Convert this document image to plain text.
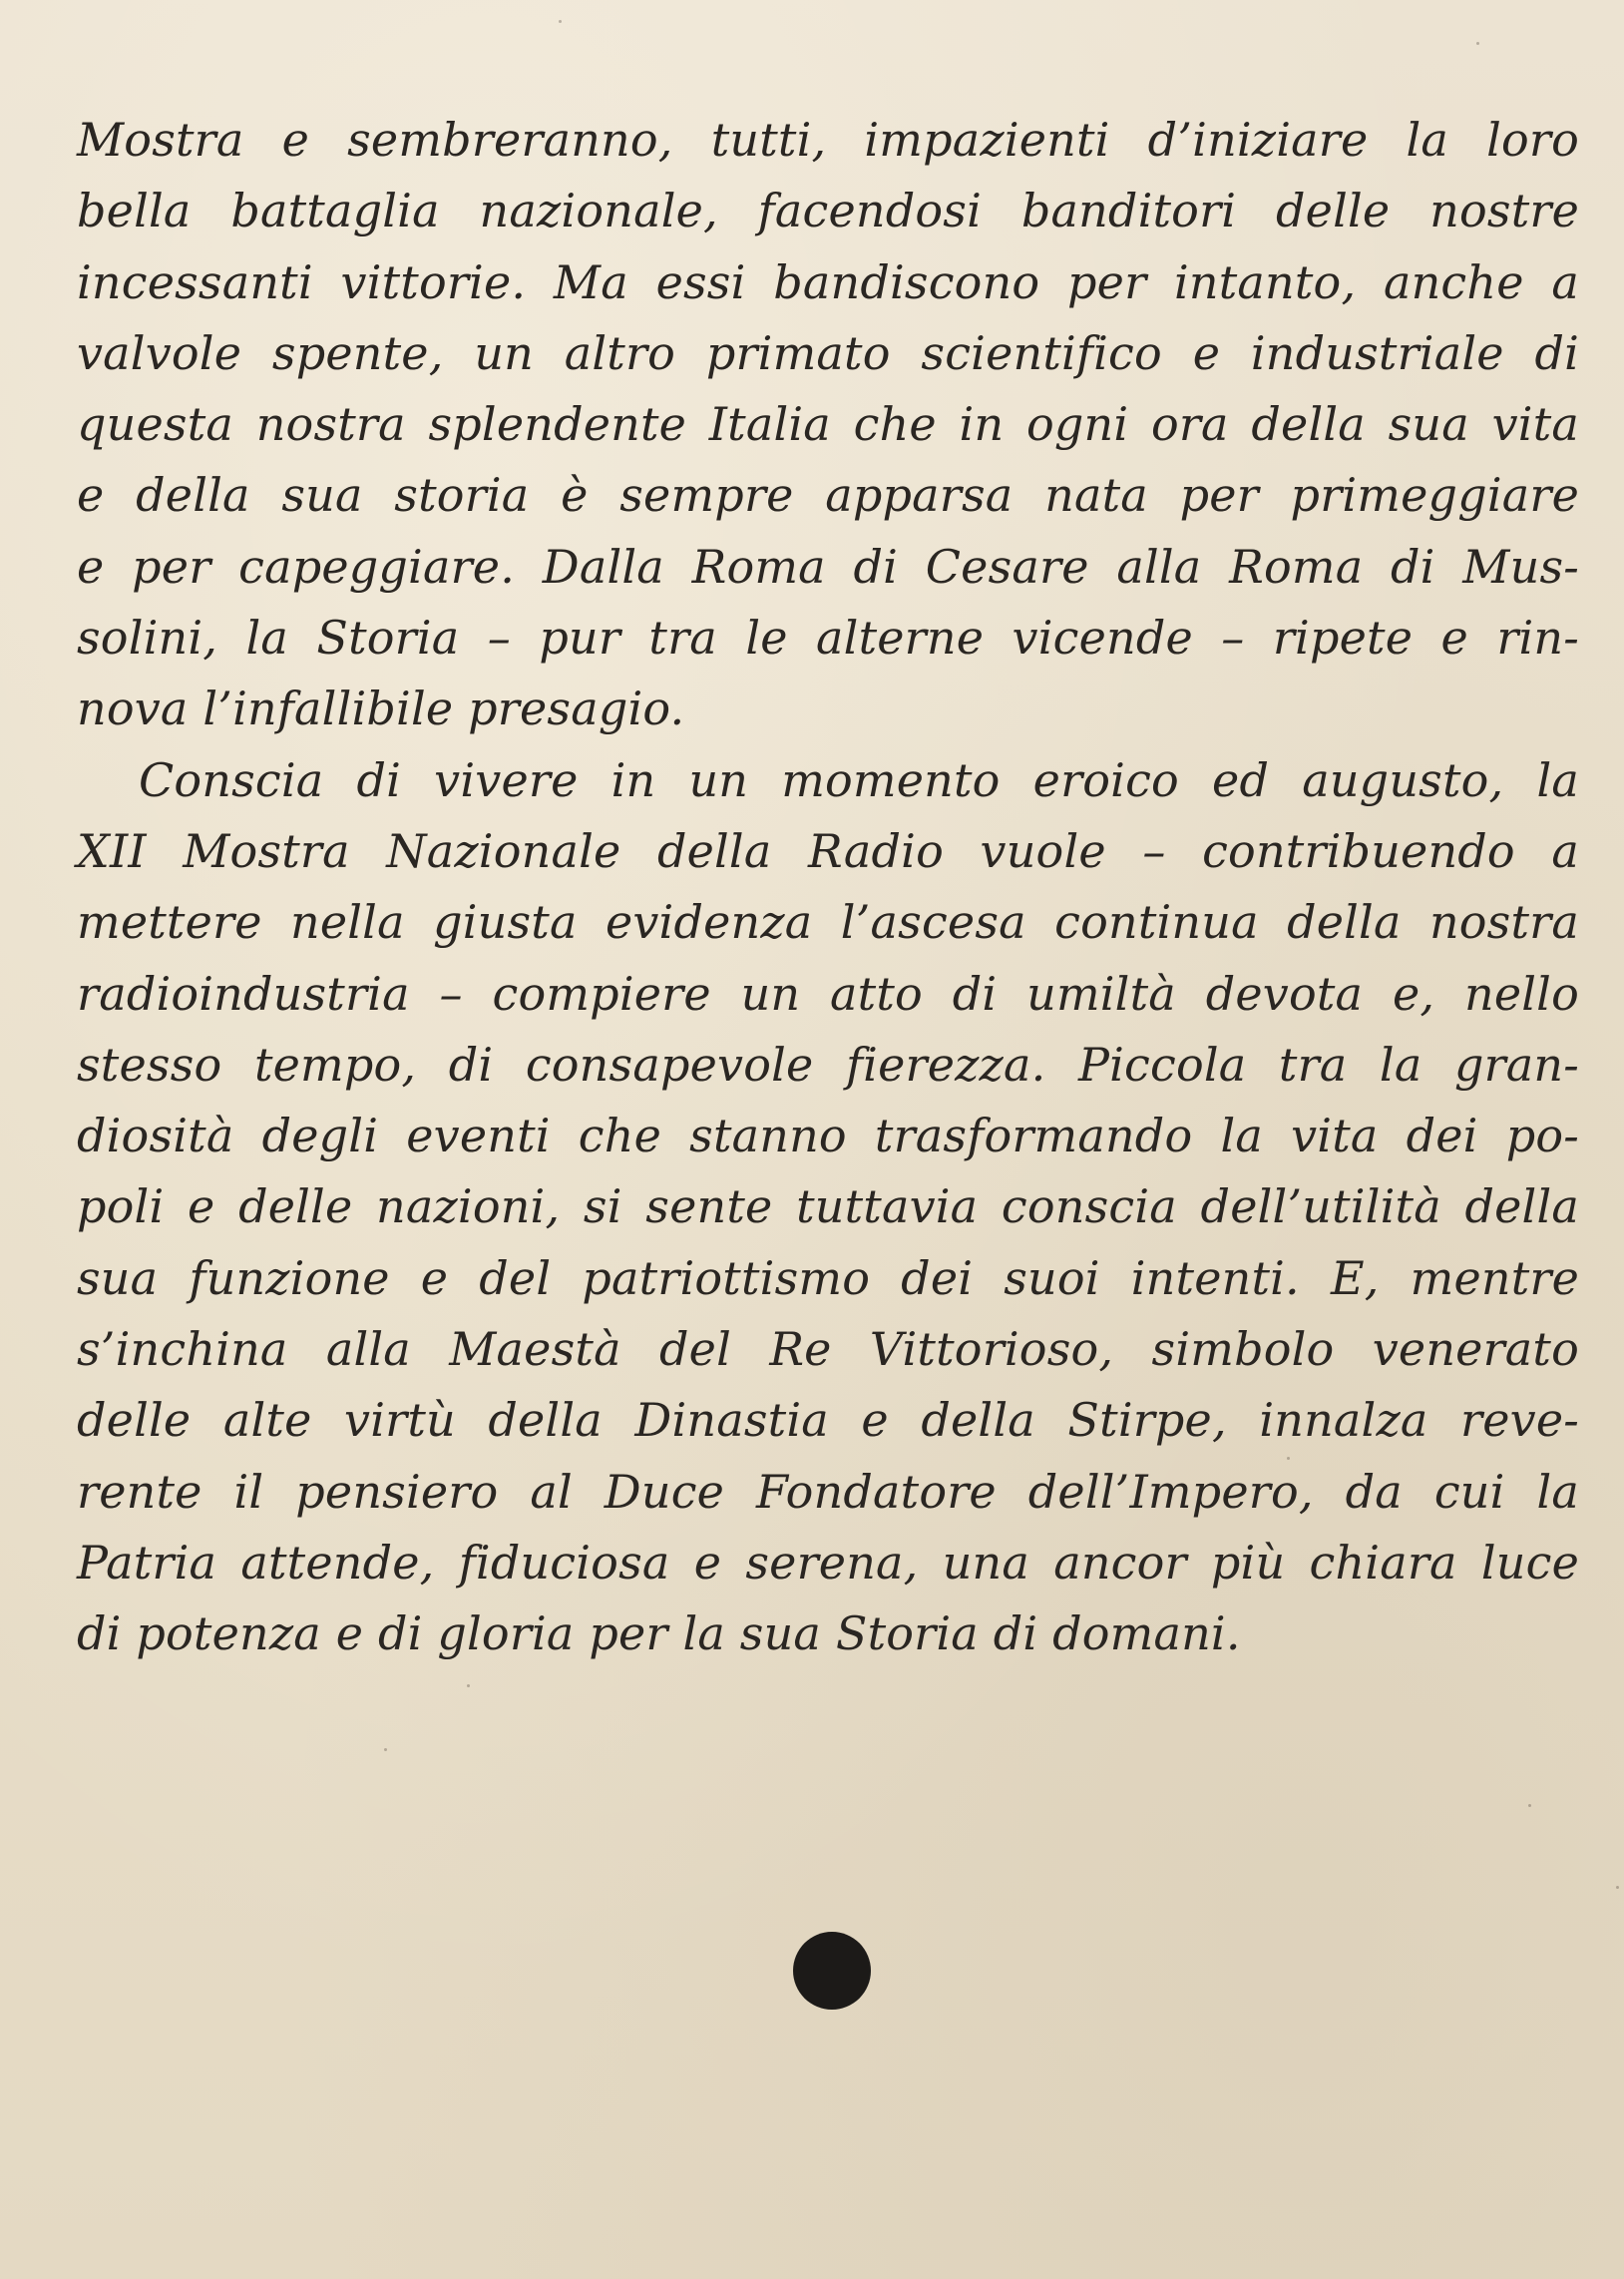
Mostra e sembreranno, tutti, impazienti d’iniziare la loro
bella battaglia nazionale, facendosi banditori delle nostre
incessanti vittorie. Ma essi bandiscono per intanto, anche a
valvole spente, un altro primato scientifico e industriale di
questa nostra splendente Italia che in ogni ora della sua vita
e della sua storia è sempre apparsa nata per primeggiare
e per capeggiare. Dalla Roma di Cesare alla Roma di Mus-
solini, la Storia – pur tra le alterne vicende – ripete e rin-
nova l’infallibile presagio.
Conscia di vivere in un momento eroico ed augusto, la
XII Mostra Nazionale della Radio vuole – contribuendo a
mettere nella giusta evidenza l’ascesa continua della nostra
radioindustria – compiere un atto di umiltà devota e, nello
stesso tempo, di consapevole fierezza. Piccola tra la gran-
diosità degli eventi che stanno trasformando la vita dei po-
poli e delle nazioni, si sente tuttavia conscia dell’utilità della
sua funzione e del patriottismo dei suoi intenti. E, mentre
s’inchina alla Maestà del Re Vittorioso, simbolo venerato
delle alte virtù della Dinastia e della Stirpe, innalza reve-
rente il pensiero al Duce Fondatore dell’Impero, da cui la
Patria attende, fiduciosa e serena, una ancor più chiara luce
di potenza e di gloria per la sua Storia di domani.
